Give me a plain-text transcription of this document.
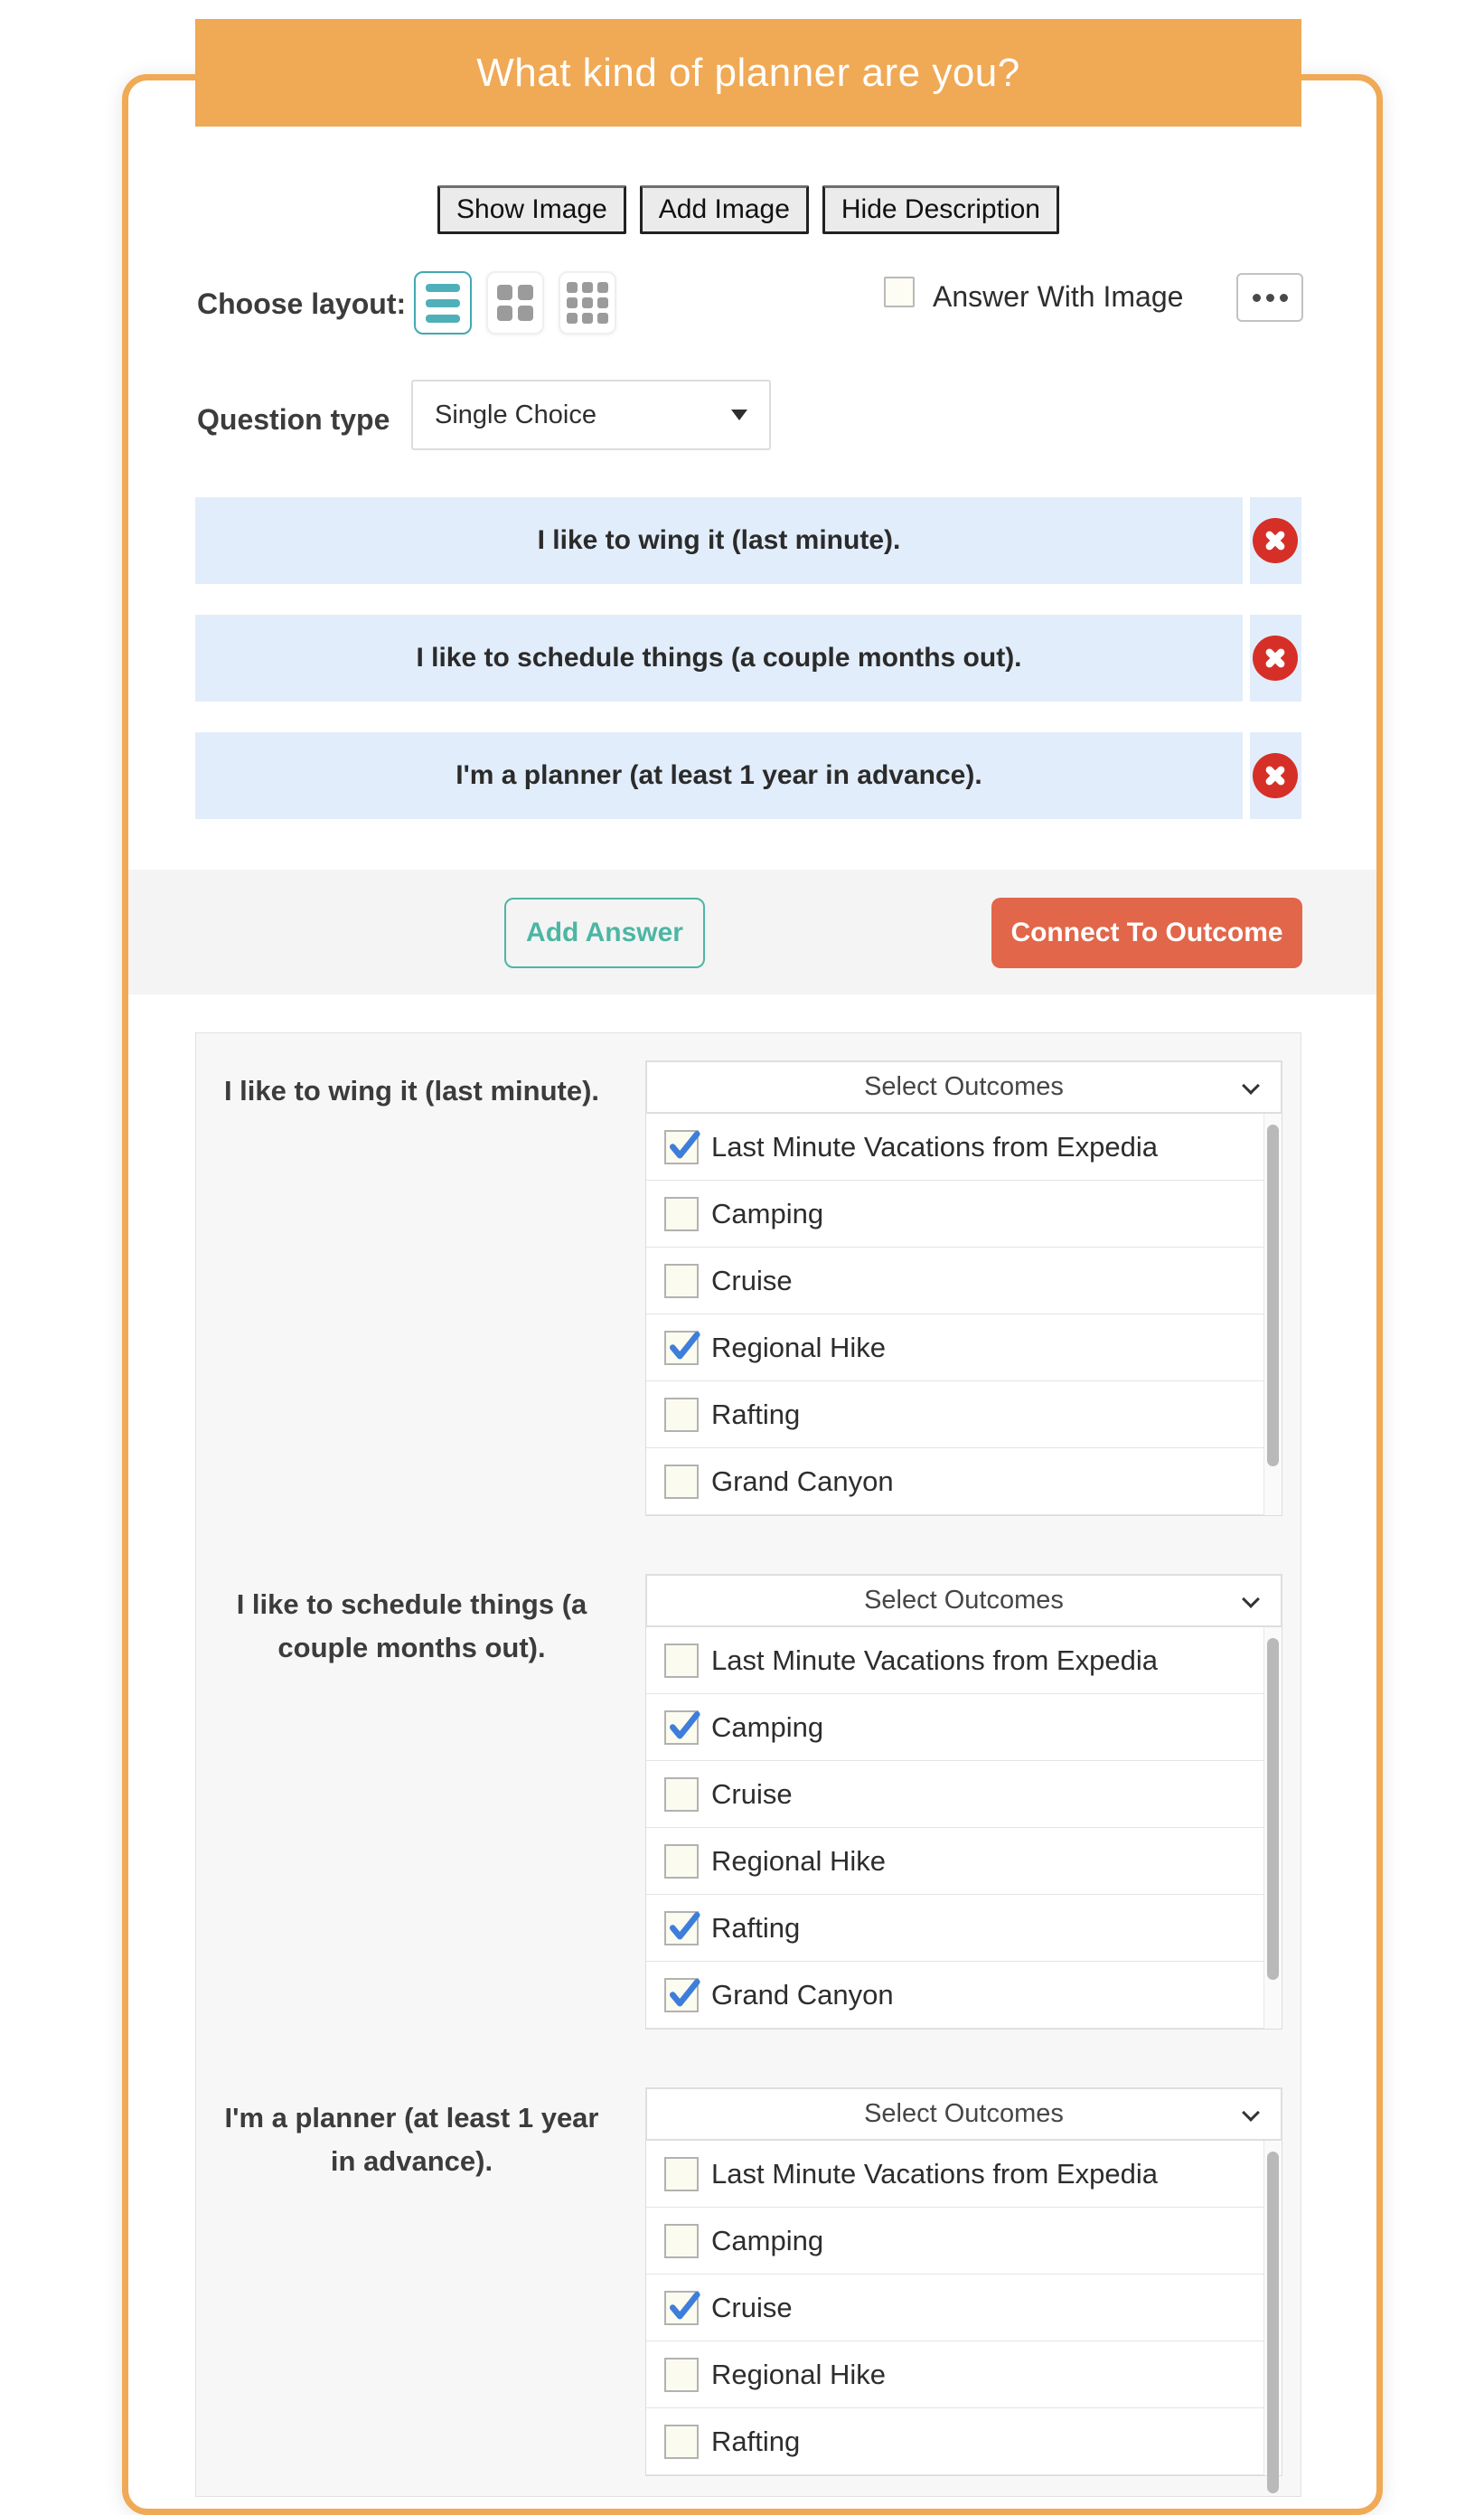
What kind of planner are you?
Show Image	Add Image	Hide Description
Choose layout:	Answer With Image
Question type Single Choice
I like to wing it (last minute).
I like to schedule things (a couple months out).
I'm a planner (at least 1 year in advance).
Add Answer	Connect To Outcome
I like to wing it (last minute).	Select Outcomes
Last Minute Vacations from Expedia
Camping
Cruise
Regional Hike
Rafting
Grand Canyon
I like to schedule things (a couple months out).
Select Outcomes
Last Minute Vacations from Expedia
Camping
Cruise
Regional Hike
Rafting
Grand Canyon
I'm a planner (at least 1 year in advance).
Select Outcomes
Last Minute Vacations from Expedia
Camping
Cruise
Regional Hike
Rafting
